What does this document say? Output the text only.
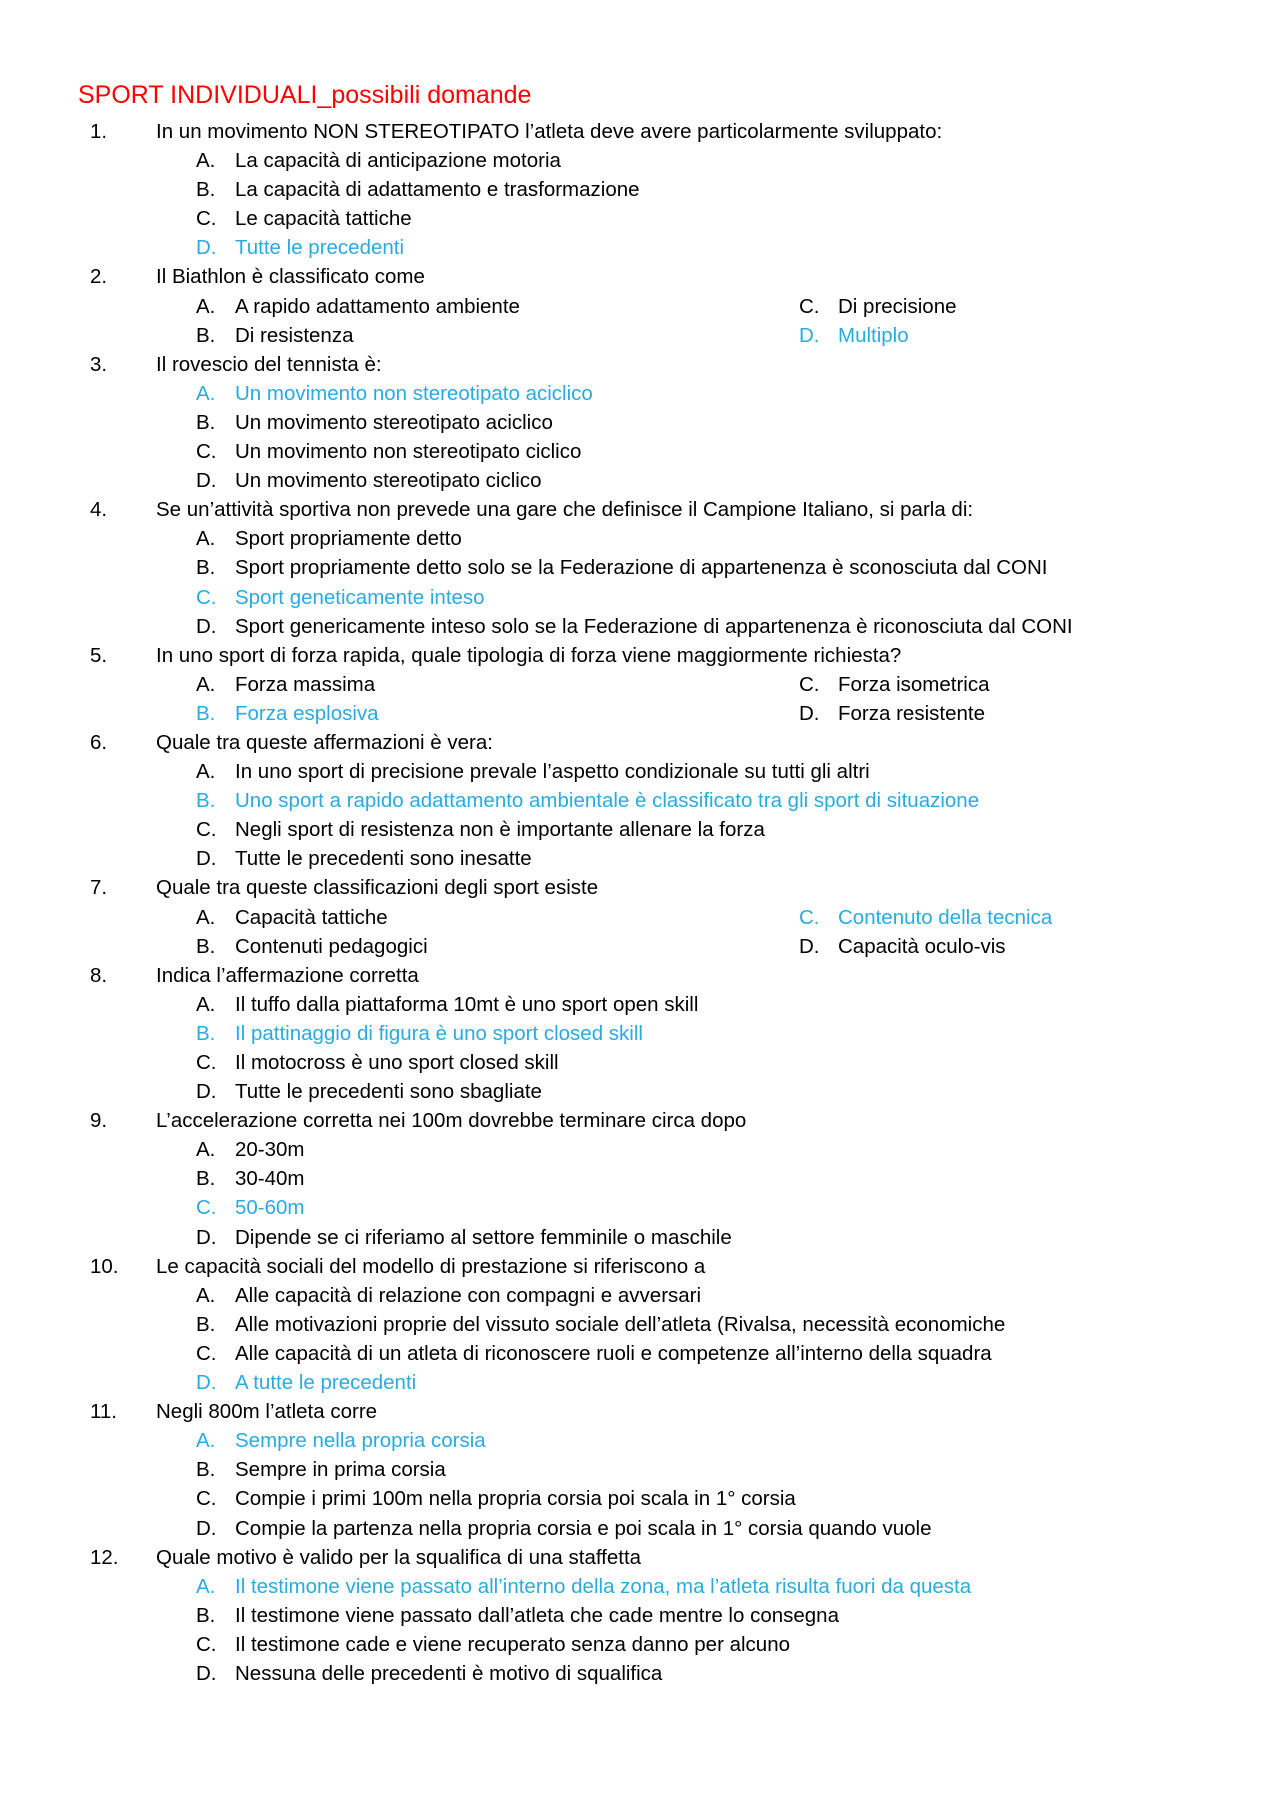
SPORT INDIVIDUALI_possibili domande
1. In un movimento NON STEREOTIPATO l’atleta deve avere particolarmente sviluppato:
A. La capacità di anticipazione motoria
B. La capacità di adattamento e trasformazione
C. Le capacità tattiche
D. Tutte le precedenti
2. Il Biathlon è classificato come
A. A rapido adattamento ambiente	C. Di precisione
B. Di resistenza	D. Multiplo
3. Il rovescio del tennista è:
A. Un movimento non stereotipato aciclico
B. Un movimento stereotipato aciclico
C. Un movimento non stereotipato ciclico
D. Un movimento stereotipato ciclico
4. Se un’attività sportiva non prevede una gare che definisce il Campione Italiano, si parla di:
A. Sport propriamente detto
B. Sport propriamente detto solo se la Federazione di appartenenza è sconosciuta dal CONI
C. Sport geneticamente inteso
D. Sport genericamente inteso solo se la Federazione di appartenenza è riconosciuta dal CONI
5. In uno sport di forza rapida, quale tipologia di forza viene maggiormente richiesta?
A. Forza massima	C. Forza isometrica
B. Forza esplosiva	D. Forza resistente
6. Quale tra queste affermazioni è vera:
A. In uno sport di precisione prevale l’aspetto condizionale su tutti gli altri
B. Uno sport a rapido adattamento ambientale è classificato tra gli sport di situazione
C. Negli sport di resistenza non è importante allenare la forza
D. Tutte le precedenti sono inesatte
7. Quale tra queste classificazioni degli sport esiste
A. Capacità tattiche	C. Contenuto della tecnica
B. Contenuti pedagogici	D. Capacità oculo-vis
8. Indica l’affermazione corretta
A. Il tuffo dalla piattaforma 10mt è uno sport open skill
B. Il pattinaggio di figura è uno sport closed skill
C. Il motocross è uno sport closed skill
D. Tutte le precedenti sono sbagliate
9. L’accelerazione corretta nei 100m dovrebbe terminare circa dopo
A. 20-30m
B. 30-40m
C. 50-60m
D. Dipende se ci riferiamo al settore femminile o maschile
10. Le capacità sociali del modello di prestazione si riferiscono a
A. Alle capacità di relazione con compagni e avversari
B. Alle motivazioni proprie del vissuto sociale dell’atleta (Rivalsa, necessità economiche
C. Alle capacità di un atleta di riconoscere ruoli e competenze all’interno della squadra
D. A tutte le precedenti
11. Negli 800m l’atleta corre
A. Sempre nella propria corsia
B. Sempre in prima corsia
C. Compie i primi 100m nella propria corsia poi scala in 1° corsia
D. Compie la partenza nella propria corsia e poi scala in 1° corsia quando vuole
12. Quale motivo è valido per la squalifica di una staffetta
A. Il testimone viene passato all’interno della zona, ma l’atleta risulta fuori da questa
B. Il testimone viene passato dall’atleta che cade mentre lo consegna
C. Il testimone cade e viene recuperato senza danno per alcuno
D. Nessuna delle precedenti è motivo di squalifica
